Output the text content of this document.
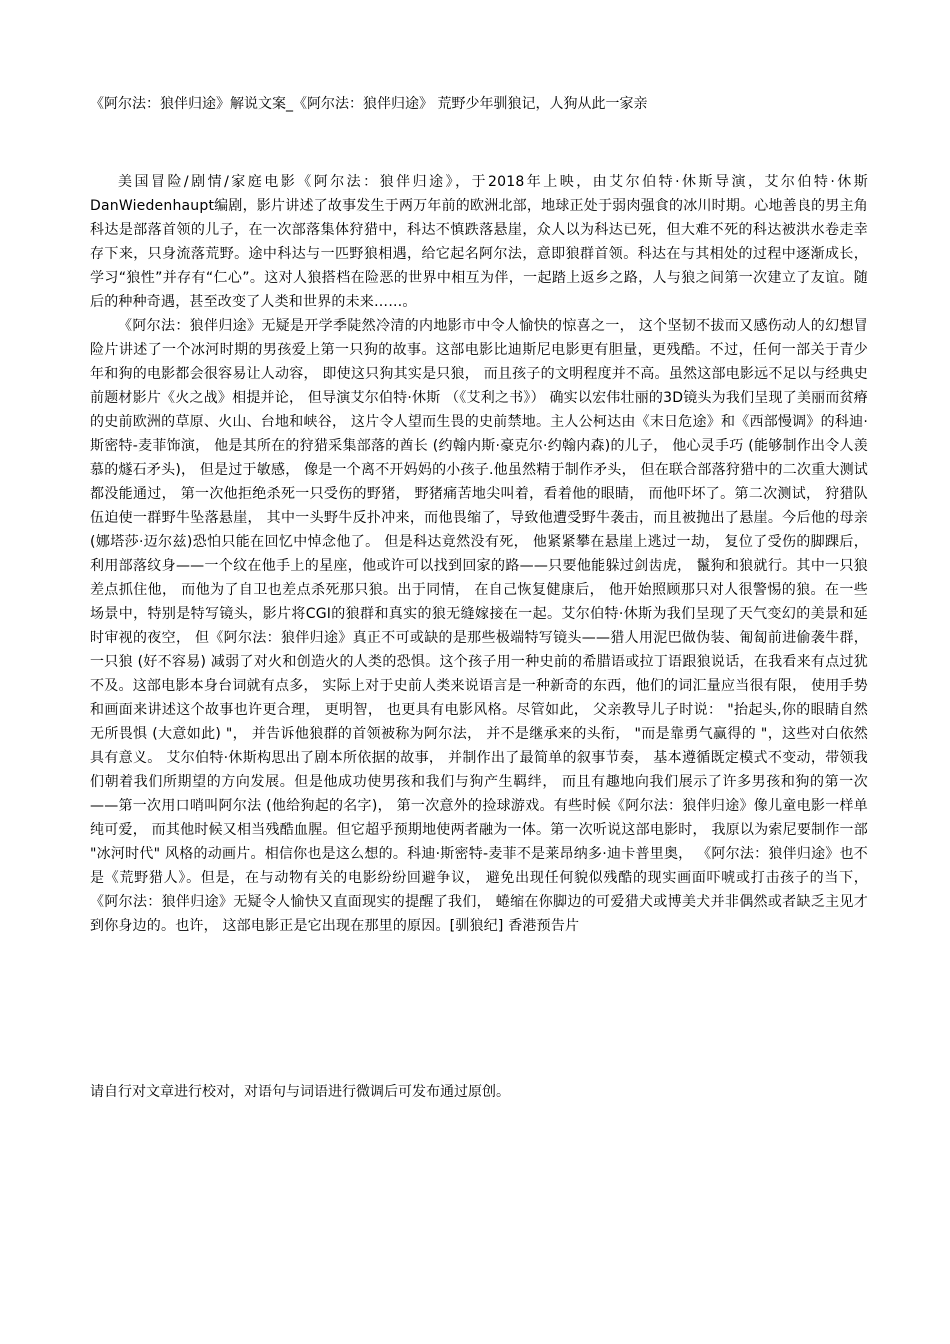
《阿尔法：狼伴归途》解说文案_《阿尔法：狼伴归途》 荒野少年驯狼记，人狗从此一家亲

美国冒险/剧情/家庭电影《阿尔法：狼伴归途》，于2018年上映，由艾尔伯特·休斯导演，艾尔伯特·休斯 DanWiedenhaupt编剧，影片讲述了故事发生于两万年前的欧洲北部，地球正处于弱肉强食的冰川时期。心地善良的男主角科达是部落首领的儿子，在一次部落集体狩猎中，科达不慎跌落悬崖，众人以为科达已死，但大难不死的科达被洪水卷走幸存下来，只身流落荒野。途中科达与一匹野狼相遇，给它起名阿尔法，意即狼群首领。科达在与其相处的过程中逐渐成长，学习“狼性”并存有“仁心”。这对人狼搭档在险恶的世界中相互为伴，一起踏上返乡之路，人与狼之间第一次建立了友谊。随后的种种奇遇，甚至改变了人类和世界的未来……。

《阿尔法：狼伴归途》无疑是开学季陡然冷清的内地影市中令人愉快的惊喜之一， 这个坚韧不拔而又感伤动人的幻想冒险片讲述了一个冰河时期的男孩爱上第一只狗的故事。这部电影比迪斯尼电影更有胆量，更残酷。不过，任何一部关于青少年和狗的电影都会很容易让人动容， 即使这只狗其实是只狼， 而且孩子的文明程度并不高。虽然这部电影远不足以与经典史前题材影片《火之战》相提并论， 但导演艾尔伯特·休斯 （《艾利之书》） 确实以宏伟壮丽的3D镜头为我们呈现了美丽而贫瘠的史前欧洲的草原、火山、台地和峡谷， 这片令人望而生畏的史前禁地。主人公柯达由《末日危途》和《西部慢调》的科迪·斯密特-麦菲饰演， 他是其所在的狩猎采集部落的酋长 (约翰内斯·豪克尔·约翰内森)的儿子， 他心灵手巧 (能够制作出令人羡慕的燧石矛头)， 但是过于敏感， 像是一个离不开妈妈的小孩子.他虽然精于制作矛头， 但在联合部落狩猎中的二次重大测试都没能通过， 第一次他拒绝杀死一只受伤的野猪， 野猪痛苦地尖叫着，看着他的眼睛， 而他吓坏了。第二次测试， 狩猎队伍迫使一群野牛坠落悬崖， 其中一头野牛反扑冲来，而他畏缩了，导致他遭受野牛袭击，而且被抛出了悬崖。今后他的母亲 (娜塔莎·迈尔兹)恐怕只能在回忆中悼念他了。 但是科达竟然没有死， 他紧紧攀在悬崖上逃过一劫， 复位了受伤的脚踝后，利用部落纹身——一个纹在他手上的星座，他或许可以找到回家的路——只要他能躲过剑齿虎， 鬣狗和狼就行。其中一只狼差点抓住他， 而他为了自卫也差点杀死那只狼。出于同情， 在自己恢复健康后， 他开始照顾那只对人很警惕的狼。在一些场景中，特别是特写镜头，影片将CGI的狼群和真实的狼无缝嫁接在一起。艾尔伯特·休斯为我们呈现了天气变幻的美景和延时审视的夜空， 但《阿尔法：狼伴归途》真正不可或缺的是那些极端特写镜头——猎人用泥巴做伪装、匍匐前进偷袭牛群， 一只狼 (好不容易) 减弱了对火和创造火的人类的恐惧。这个孩子用一种史前的希腊语或拉丁语跟狼说话，在我看来有点过犹不及。这部电影本身台词就有点多， 实际上对于史前人类来说语言是一种新奇的东西，他们的词汇量应当很有限， 使用手势和画面来讲述这个故事也许更合理， 更明智， 也更具有电影风格。尽管如此， 父亲教导儿子时说： "抬起头,你的眼睛自然无所畏惧 (大意如此) "， 并告诉他狼群的首领被称为阿尔法， 并不是继承来的头衔， "而是靠勇气赢得的 "，这些对白依然具有意义。 艾尔伯特·休斯构思出了剧本所依据的故事， 并制作出了最简单的叙事节奏， 基本遵循既定模式不变动，带领我们朝着我们所期望的方向发展。但是他成功使男孩和我们与狗产生羁绊， 而且有趣地向我们展示了许多男孩和狗的第一次——第一次用口哨叫阿尔法 (他给狗起的名字)， 第一次意外的捡球游戏。有些时候《阿尔法：狼伴归途》像儿童电影一样单纯可爱， 而其他时候又相当残酷血腥。但它超乎预期地使两者融为一体。第一次听说这部电影时， 我原以为索尼要制作一部 "冰河时代" 风格的动画片。相信你也是这么想的。科迪·斯密特-麦菲不是莱昂纳多·迪卡普里奥， 《阿尔法：狼伴归途》也不是《荒野猎人》。但是，在与动物有关的电影纷纷回避争议， 避免出现任何貌似残酷的现实画面吓唬或打击孩子的当下， 《阿尔法：狼伴归途》无疑令人愉快又直面现实的提醒了我们， 蜷缩在你脚边的可爱猎犬或博美犬并非偶然或者缺乏主见才到你身边的。也许， 这部电影正是它出现在那里的原因。[驯狼纪] 香港预告片

请自行对文章进行校对，对语句与词语进行微调后可发布通过原创。
